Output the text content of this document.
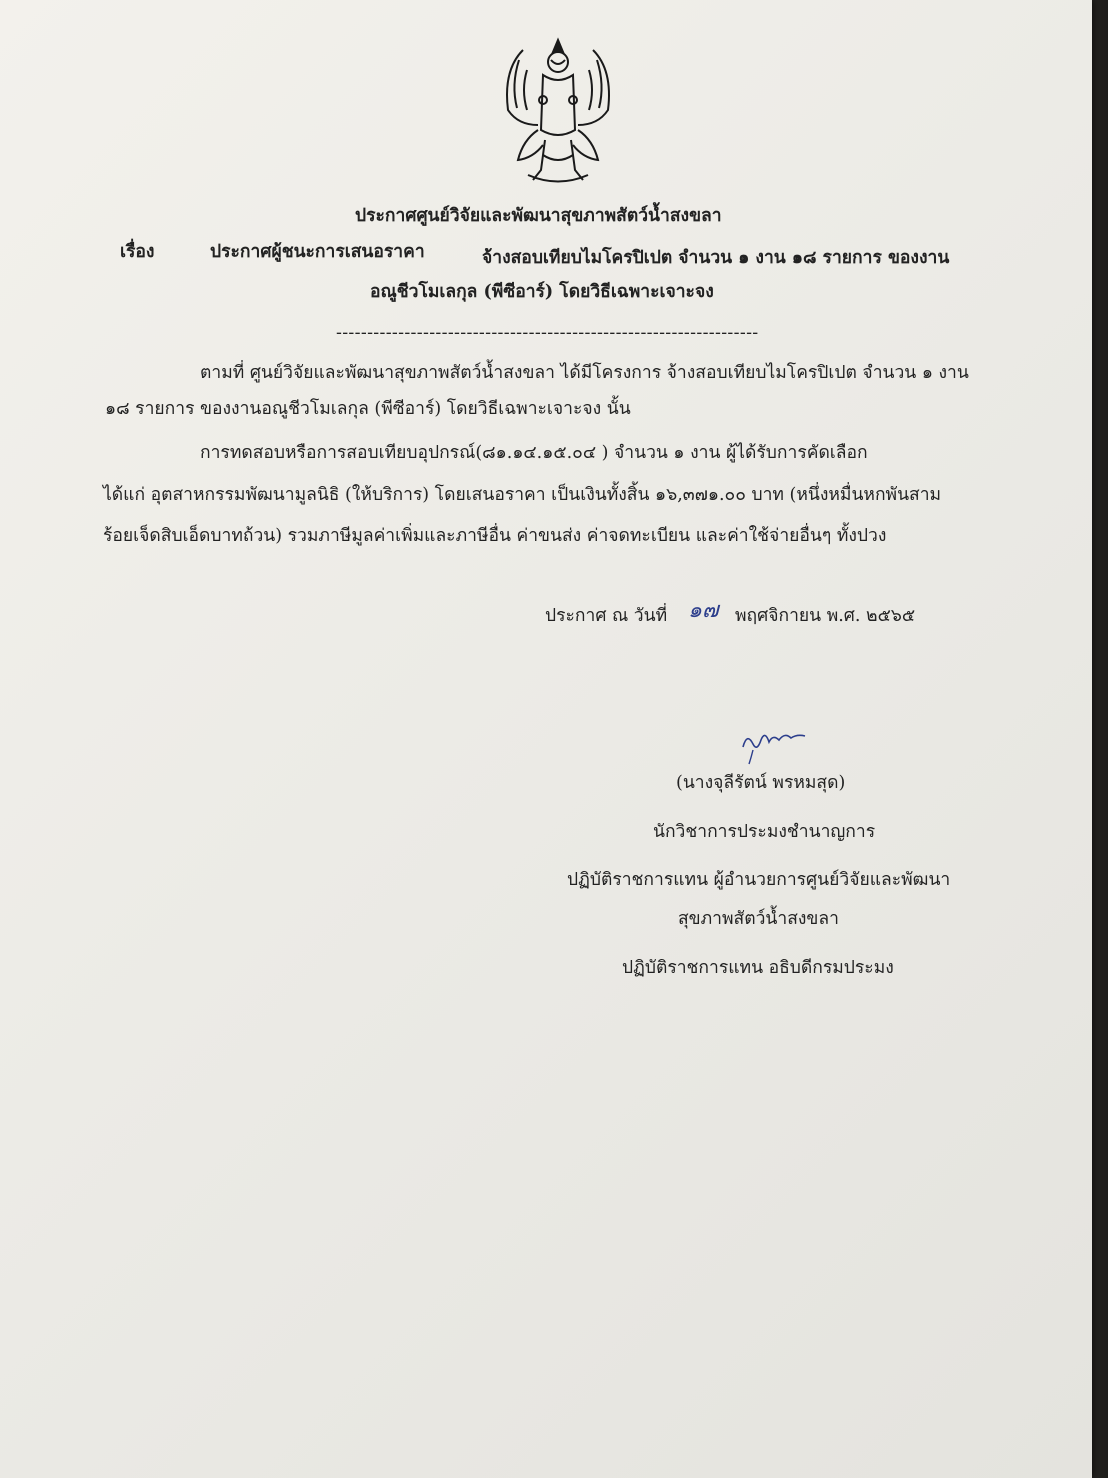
ประกาศศูนย์วิจัยและพัฒนาสุขภาพสัตว์น้ำสงขลา
เรื่อง	ประกาศผู้ชนะการเสนอราคา	จ้างสอบเทียบไมโครปิเปต จำนวน ๑ งาน ๑๘ รายการ ของงาน
อณูชีวโมเลกุล (พีซีอาร์) โดยวิธีเฉพาะเจาะจง
--------------------------------------------------------------------
ตามที่ ศูนย์วิจัยและพัฒนาสุขภาพสัตว์น้ำสงขลา ได้มีโครงการ จ้างสอบเทียบไมโครปิเปต จำนวน ๑ งาน
๑๘ รายการ ของงานอณูชีวโมเลกุล (พีซีอาร์) โดยวิธีเฉพาะเจาะจง นั้น
การทดสอบหรือการสอบเทียบอุปกรณ์(๘๑.๑๔.๑๕.๐๔ ) จำนวน ๑ งาน ผู้ได้รับการคัดเลือก
ได้แก่ อุตสาหกรรมพัฒนามูลนิธิ (ให้บริการ) โดยเสนอราคา เป็นเงินทั้งสิ้น ๑๖,๓๗๑.๐๐ บาท (หนึ่งหมื่นหกพันสาม
ร้อยเจ็ดสิบเอ็ดบาทถ้วน) รวมภาษีมูลค่าเพิ่มและภาษีอื่น ค่าขนส่ง ค่าจดทะเบียน และค่าใช้จ่ายอื่นๆ ทั้งปวง
ประกาศ ณ วันที่ ๑๗ พฤศจิกายน พ.ศ. ๒๕๖๕
(นางจุลีรัตน์ พรหมสุด)
นักวิชาการประมงชำนาญการ
ปฏิบัติราชการแทน ผู้อำนวยการศูนย์วิจัยและพัฒนา
สุขภาพสัตว์น้ำสงขลา
ปฏิบัติราชการแทน อธิบดีกรมประมง
